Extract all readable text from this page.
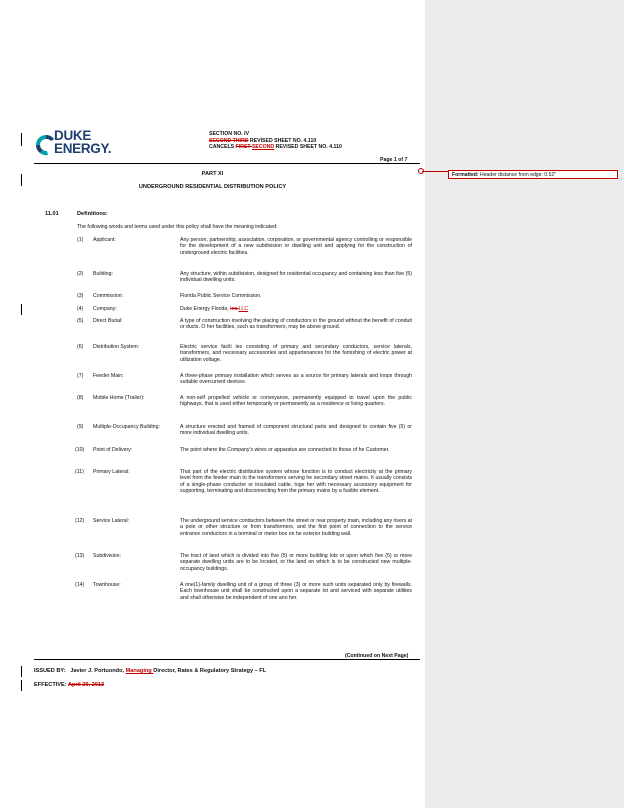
DUKE
ENERGY.
SECTION NO. IV
SECOND THIRD REVISED SHEET NO. 4.110
CANCELS FIRST SECOND REVISED SHEET NO. 4.110
Page 1 of 7
PART XI
UNDERGROUND RESIDENTIAL DISTRIBUTION POLICY
11.01	Definitions:
The following words and terms used under this policy shall have the meaning indicated:
(1) Applicant:	Any person, partnership, association, corporation, or governmental agency controlling or responsible for the development of a new subdivision or dwelling unit and applying for the construction of underground electric facilities.
(2) Building:	Any structure, within subdivision, designed for residential occupancy and containing less than five (5) individual dwelling units.
(3) Commission:	Florida Public Service Commission.
(4) Company:	Duke Energy Florida, Inc.LLC
(5) Direct Burial:	A type of construction involving the placing of conductors in the ground without the benefit of conduit or ducts. O her facilities, such as transformers, may be above ground.
(6) Distribution System:	Electric service facili ies consisting of primary and secondary conductors, service laterals, transformers, and necessary accessories and appurtenances for the furnishing of electric power at utilization voltage.
(7) Feeder Main:	A three-phase primary installation which serves as a source for primary laterals and loops through suitable overcurrent devices.
(8) Mobile Home (Trailer):	A non-self propelled vehicle or conveyance, permanently equipped to travel upon the public highways, that is used either temporarily or permanently as a residence or living quarters.
(9) Multiple-Occupancy Building:	A structure erected and framed of component structural parts and designed to contain five (5) or more individual dwelling units.
(10) Point of Delivery:	The point where the Company's wires or apparatus are connected to those of he Customer.
(11) Primary Lateral:	That part of the electric distribution system whose function is to conduct electricity at the primary level from the feeder main to the transformers serving he secondary street mains. It usually consists of a single-phase conductor or insulated cable, toge her with necessary accessory equipment for supporting, terminating and disconnecting from the primary mains by a fusible element.
(12) Service Lateral:	The underground service conductors between the street or rear property main, including any risers at a pole or other structure or from transformers, and the first point of connection to the service entrance conductors in a terminal or meter box on he exterior building wall.
(13) Subdivision:	The tract of land which is divided into five (5) or more building lots or upon which five (5) or more separate dwelling units are to be located, or the land on which is to be constructed new multiple-occupancy buildings.
(14) Townhouse:	A one(1)-family dwelling unit of a group of three (3) or more such units separated only by firewalls. Each townhouse unit shall be constructed upon a separate lot and serviced with separate utilities and shall otherwise be independent of one ano her.
(Continued on Next Page)
ISSUED BY: Javier J. Portuondo, Managing Director, Rates & Regulatory Strategy – FL
EFFECTIVE: April 29, 2013
Formatted: Header distance from edge: 0.52"
